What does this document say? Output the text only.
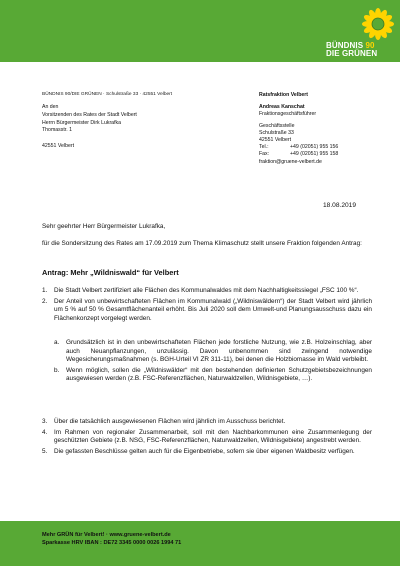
BÜNDNIS 90
DIE GRÜNEN
BÜNDNIS 90/DIE GRÜNEN · Schulstraße 33 · 42551 Velbert
An den
Vorsitzenden des Rates der Stadt Velbert
Herrn Bürgermeister Dirk Lukrafka
Thomasstr. 1
42551 Velbert
Ratsfraktion Velbert
Andreas Kanschat
Fraktionsgeschäftsführer
Geschäftsstelle
Schulstraße 33
42551 Velbert
Tel.:	+49 (02051) 955 156
Fax:	+49 (02051) 955 158
fraktion@gruene-velbert.de
18.08.2019
Sehr geehrter Herr Bürgermeister Lukrafka,
für die Sondersitzung des Rates am 17.09.2019 zum Thema Klimaschutz stellt unsere Fraktion folgenden Antrag:
Antrag: Mehr „Wildniswald“ für Velbert
1. Die Stadt Velbert zertifiziert alle Flächen des Kommunalwaldes mit dem Nachhaltigkeitssiegel „FSC 100 %“.
2. Der Anteil von unbewirtschafteten Flächen im Kommunalwald („Wildniswäldern“) der Stadt Velbert wird jährlich um 5 % auf 50 % Gesamtflächenanteil erhöht. Bis Juli 2020 soll dem Umwelt-und Planungsausschuss dazu ein Flächenkonzept vorgelegt werden.
a. Grundsätzlich ist in den unbewirtschafteten Flächen jede forstliche Nutzung, wie z.B. Holzeinschlag, aber auch Neuanpflanzungen, unzulässig. Davon unbenommen sind zwingend notwendige Wegesicherungsmaßnahmen (s. BGH-Urteil VI ZR 311-11), bei denen die Holzbiomasse im Wald verbleibt.
b. Wenn möglich, sollen die „Wildniswälder“ mit den bestehenden definierten Schutzgebietsbezeichnungen ausgewiesen werden (z.B. FSC-Referenzflächen, Naturwaldzellen, Wildnisgebiete, …).
3. Über die tatsächlich ausgewiesenen Flächen wird jährlich im Ausschuss berichtet.
4. Im Rahmen von regionaler Zusammenarbeit, soll mit den Nachbarkommunen eine Zusammenlegung der geschützten Gebiete (z.B. NSG, FSC-Referenzflächen, Naturwaldzellen, Wildnisgebiete) angestrebt werden.
5. Die gefassten Beschlüsse gelten auch für die Eigenbetriebe, sofern sie über eigenen Waldbesitz verfügen.
Mehr GRÜN für Velbert! · www.gruene-velbert.de
Sparkasse HRV IBAN : DE72 3345 0000 0026 1994 71
